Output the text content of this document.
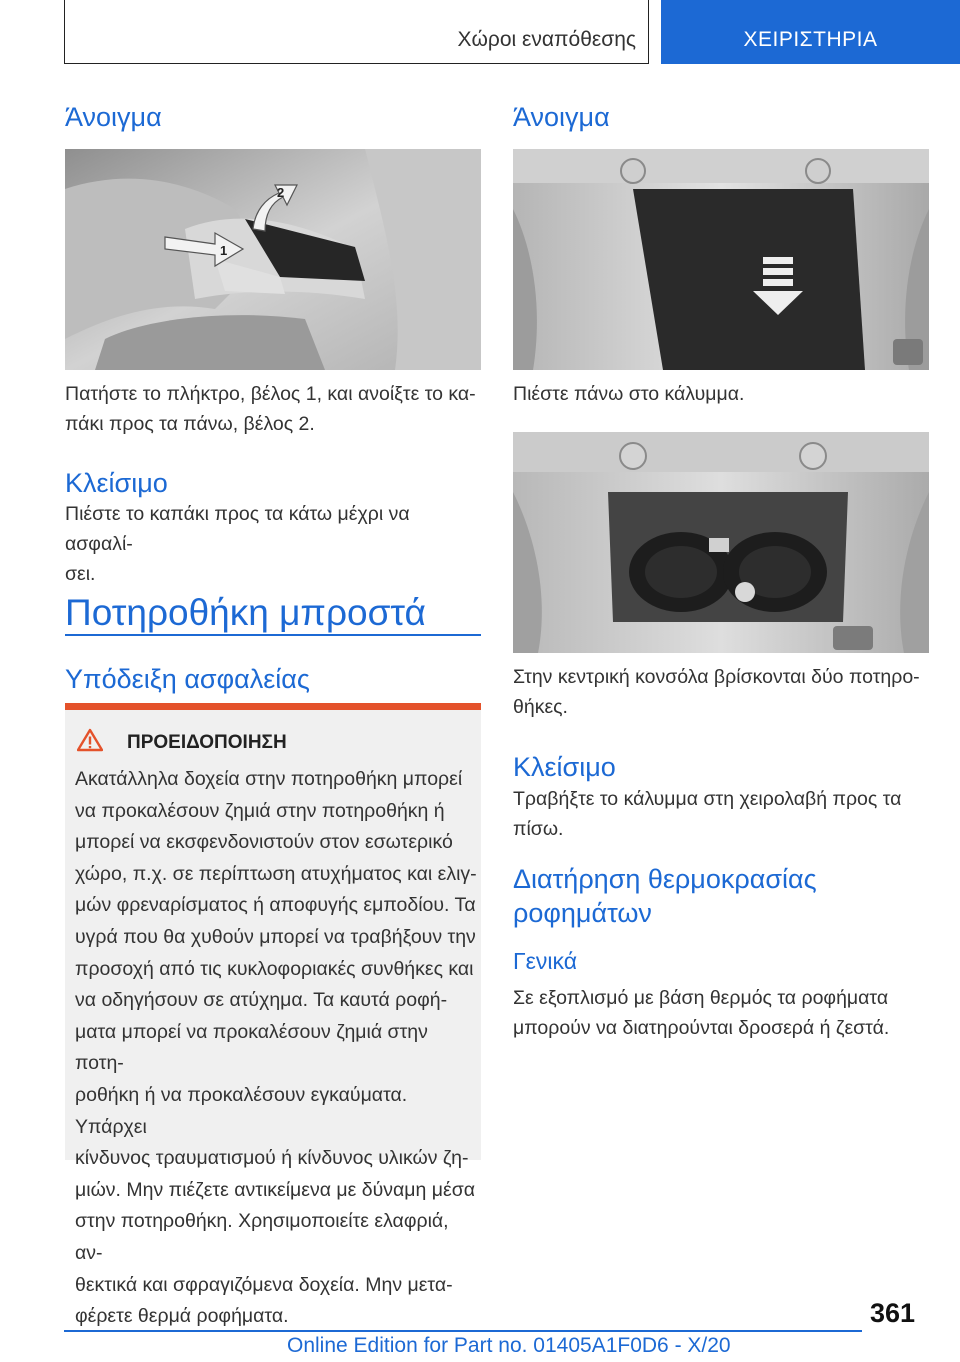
Χώροι εναπόθεσης	ΧΕΙΡΙΣΤΗΡΙΑ
Άνοιγμα
1
2
Πατήστε το πλήκτρο, βέλος 1, και ανοίξτε το κα‐
πάκι προς τα πάνω, βέλος 2.
Κλείσιμο
Πιέστε το καπάκι προς τα κάτω μέχρι να ασφαλί‐
σει.
Ποτηροθήκη μπροστά
Υπόδειξη ασφαλείας
ΠΡΟΕΙΔΟΠΟΙΗΣΗ
Ακατάλληλα δοχεία στην ποτηροθήκη μπορεί
να προκαλέσουν ζημιά στην ποτηροθήκη ή
μπορεί να εκσφενδονιστούν στον εσωτερικό
χώρο, π.χ. σε περίπτωση ατυχήματος και ελιγ‐
μών φρεναρίσματος ή αποφυγής εμποδίου. Τα
υγρά που θα χυθούν μπορεί να τραβήξουν την
προσοχή από τις κυκλοφοριακές συνθήκες και
να οδηγήσουν σε ατύχημα. Τα καυτά ροφή‐
ματα μπορεί να προκαλέσουν ζημιά στην ποτη‐
ροθήκη ή να προκαλέσουν εγκαύματα. Υπάρχει
κίνδυνος τραυματισμού ή κίνδυνος υλικών ζη‐
μιών. Μην πιέζετε αντικείμενα με δύναμη μέσα
στην ποτηροθήκη. Χρησιμοποιείτε ελαφριά, αν‐
θεκτικά και σφραγιζόμενα δοχεία. Μην μετα‐
φέρετε θερμά ροφήματα.
Άνοιγμα
Πιέστε πάνω στο κάλυμμα.
Στην κεντρική κονσόλα βρίσκονται δύο ποτηρο‐
θήκες.
Κλείσιμο
Τραβήξτε το κάλυμμα στη χειρολαβή προς τα
πίσω.
Διατήρηση θερμοκρασίας
ροφημάτων
Γενικά
Σε εξοπλισμό με βάση θερμός τα ροφήματα
μπορούν να διατηρούνται δροσερά ή ζεστά.
361
Online Edition for Part no. 01405A1F0D6 - X/20
